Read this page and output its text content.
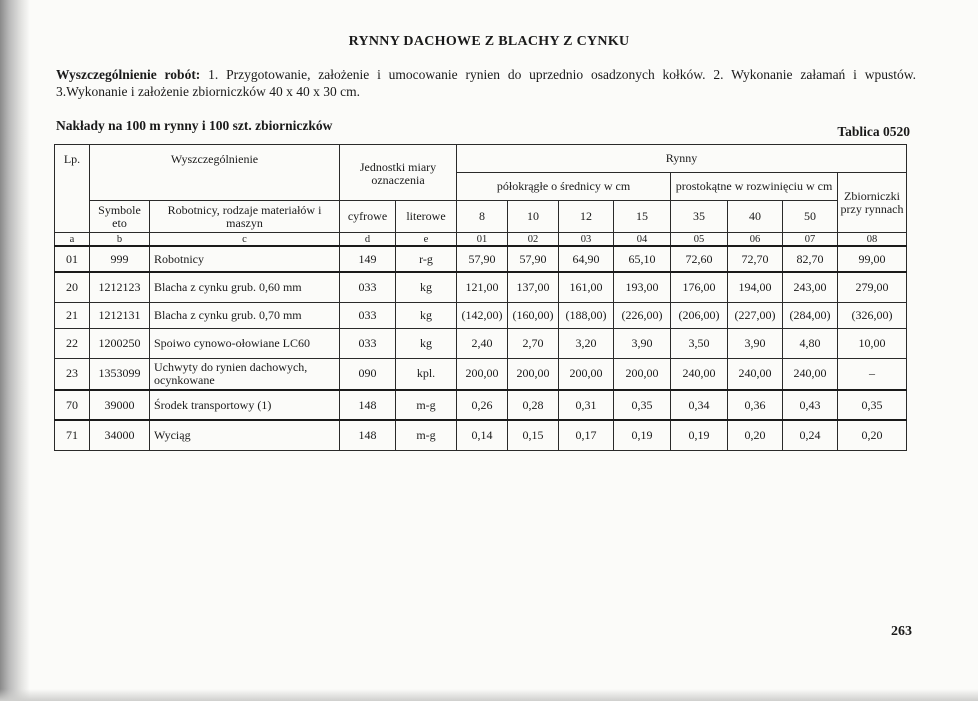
RYNNY DACHOWE Z BLACHY Z CYNKU
Wyszczególnienie robót: 1. Przygotowanie, założenie i umocowanie rynien do uprzednio osadzonych kołków. 2. Wykonanie załamań i wpustów. 3.Wykonanie i założenie zbiorniczków 40 x 40 x 30 cm.
Nakłady na 100 m rynny i 100 szt. zbiorniczków	Tablica 0520
Lp.	Wyszczególnienie		Jednostki miary oznaczenia		Rynny							
					półokrągłe o średnicy w cm				prostokątne w rozwinięciu w cm			Zbiorniczki przy rynnach
	Symbole eto	Robotnicy, rodzaje materiałów i maszyn	cyfrowe	literowe	8	10	12	15	35	40	50	
a	b	c	d	e	01	02	03	04	05	06	07	08
01	999	Robotnicy	149	r-g	57,90	57,90	64,90	65,10	72,60	72,70	82,70	99,00
20	1212123	Blacha z cynku grub. 0,60 mm	033	kg	121,00	137,00	161,00	193,00	176,00	194,00	243,00	279,00
21	1212131	Blacha z cynku grub. 0,70 mm	033	kg	(142,00)	(160,00)	(188,00)	(226,00)	(206,00)	(227,00)	(284,00)	(326,00)
22	1200250	Spoiwo cynowo-ołowiane LC60	033	kg	2,40	2,70	3,20	3,90	3,50	3,90	4,80	10,00
23	1353099	Uchwyty do rynien dachowych, ocynkowane	090	kpl.	200,00	200,00	200,00	200,00	240,00	240,00	240,00	–
70	39000	Środek transportowy (1)	148	m-g	0,26	0,28	0,31	0,35	0,34	0,36	0,43	0,35
71	34000	Wyciąg	148	m-g	0,14	0,15	0,17	0,19	0,19	0,20	0,24	0,20
263
